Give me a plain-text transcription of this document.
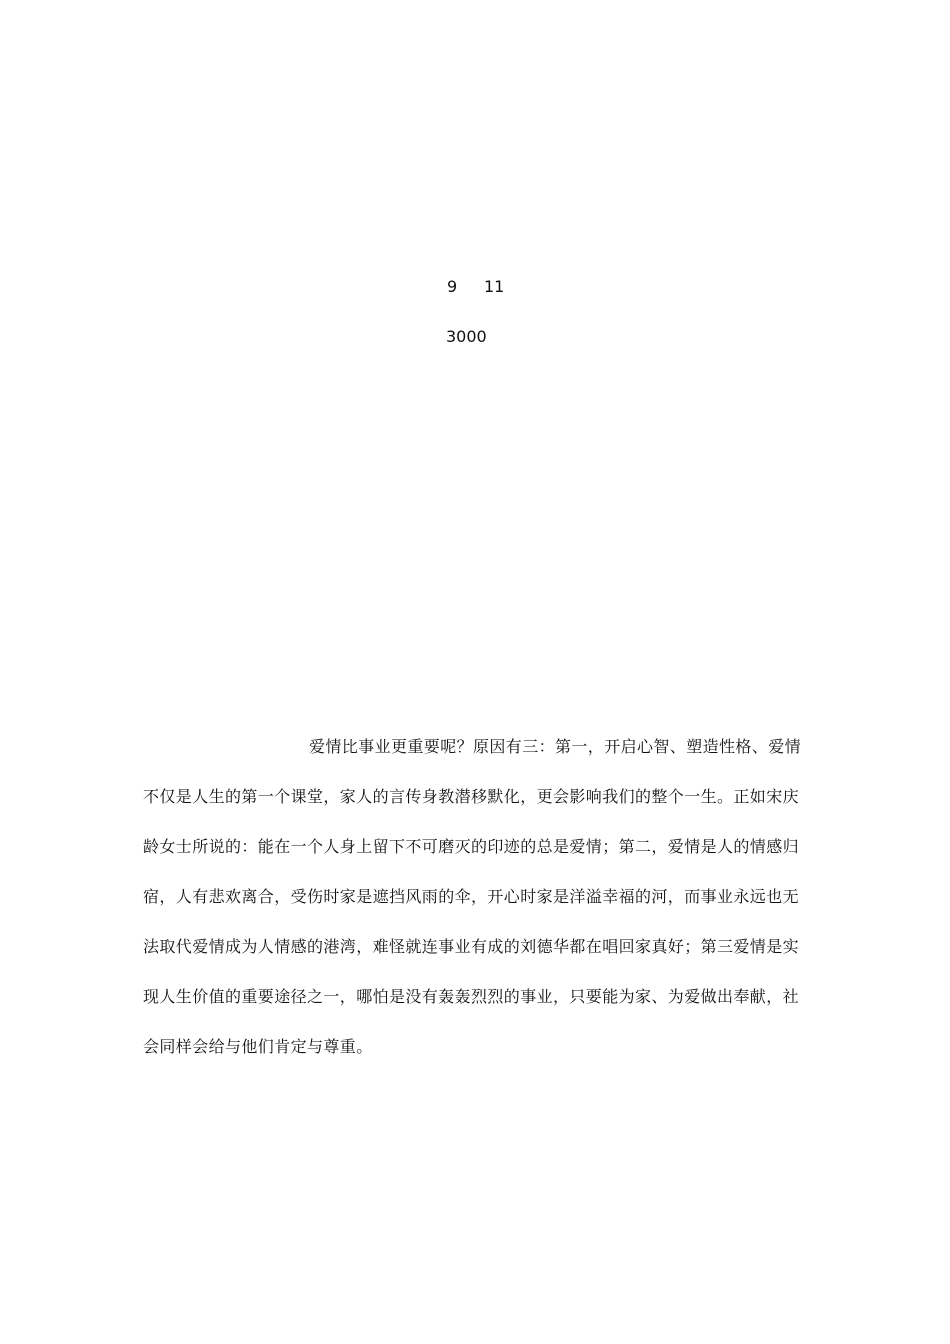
9 11
3000
爱情比事业更重要呢？原因有三：第一，开启心智、塑造性格、爱情
不仅是人生的第一个课堂，家人的言传身教潜移默化，更会影响我们的整个一生。正如宋庆
龄女士所说的：能在一个人身上留下不可磨灭的印迹的总是爱情；第二，爱情是人的情感归
宿，人有悲欢离合，受伤时家是遮挡风雨的伞，开心时家是洋溢幸福的河，而事业永远也无
法取代爱情成为人情感的港湾，难怪就连事业有成的刘德华都在唱回家真好；第三爱情是实
现人生价值的重要途径之一，哪怕是没有轰轰烈烈的事业，只要能为家、为爱做出奉献，社
会同样会给与他们肯定与尊重。
